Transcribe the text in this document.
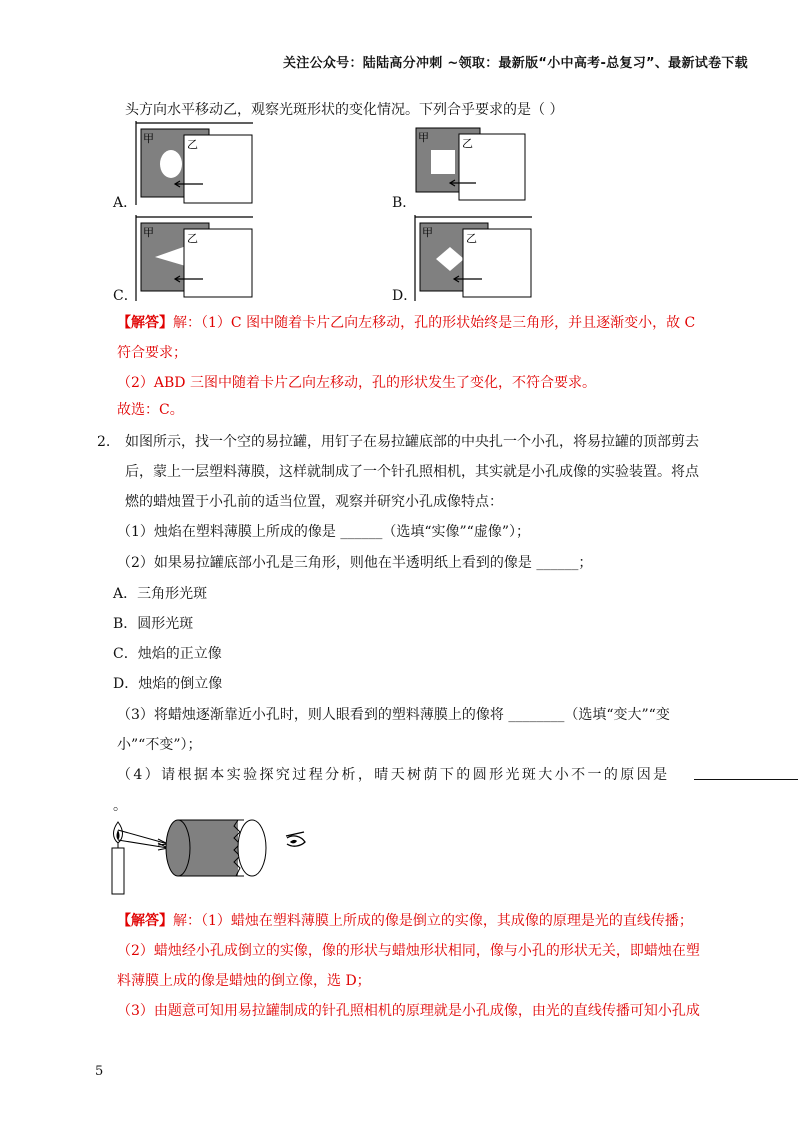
关注公众号：陆陆高分冲刺 ~领取：最新版“小中高考-总复习”、最新试卷下载
头方向水平移动乙，观察光斑形状的变化情况。下列合乎要求的是（ ）
A．
甲	乙
B．
甲	乙
C．
甲	乙
D．
甲	乙
【解答】解：（1）C 图中随着卡片乙向左移动，孔的形状始终是三角形，并且逐渐变小，故 C
符合要求；
（2）ABD 三图中随着卡片乙向左移动，孔的形状发生了变化，不符合要求。
故选：C。
2. 如图所示，找一个空的易拉罐，用钉子在易拉罐底部的中央扎一个小孔，将易拉罐的顶部剪去
后，蒙上一层塑料薄膜，这样就制成了一个针孔照相机，其实就是小孔成像的实验装置。将点
燃的蜡烛置于小孔前的适当位置，观察并研究小孔成像特点：
（1）烛焰在塑料薄膜上所成的像是 ______（选填“实像”“虚像”）；
（2）如果易拉罐底部小孔是三角形，则他在半透明纸上看到的像是 ______；
A．三角形光斑
B．圆形光斑
C．烛焰的正立像
D．烛焰的倒立像
（3）将蜡烛逐渐靠近小孔时，则人眼看到的塑料薄膜上的像将 ________（选填“变大”“变
小”“不变”）；
（4）请根据本实验探究过程分析，晴天树荫下的圆形光斑大小不一的原因是
。
【解答】解：（1）蜡烛在塑料薄膜上所成的像是倒立的实像，其成像的原理是光的直线传播；
（2）蜡烛经小孔成倒立的实像，像的形状与蜡烛形状相同，像与小孔的形状无关，即蜡烛在塑
料薄膜上成的像是蜡烛的倒立像，选 D；
（3）由题意可知用易拉罐制成的针孔照相机的原理就是小孔成像，由光的直线传播可知小孔成
5
